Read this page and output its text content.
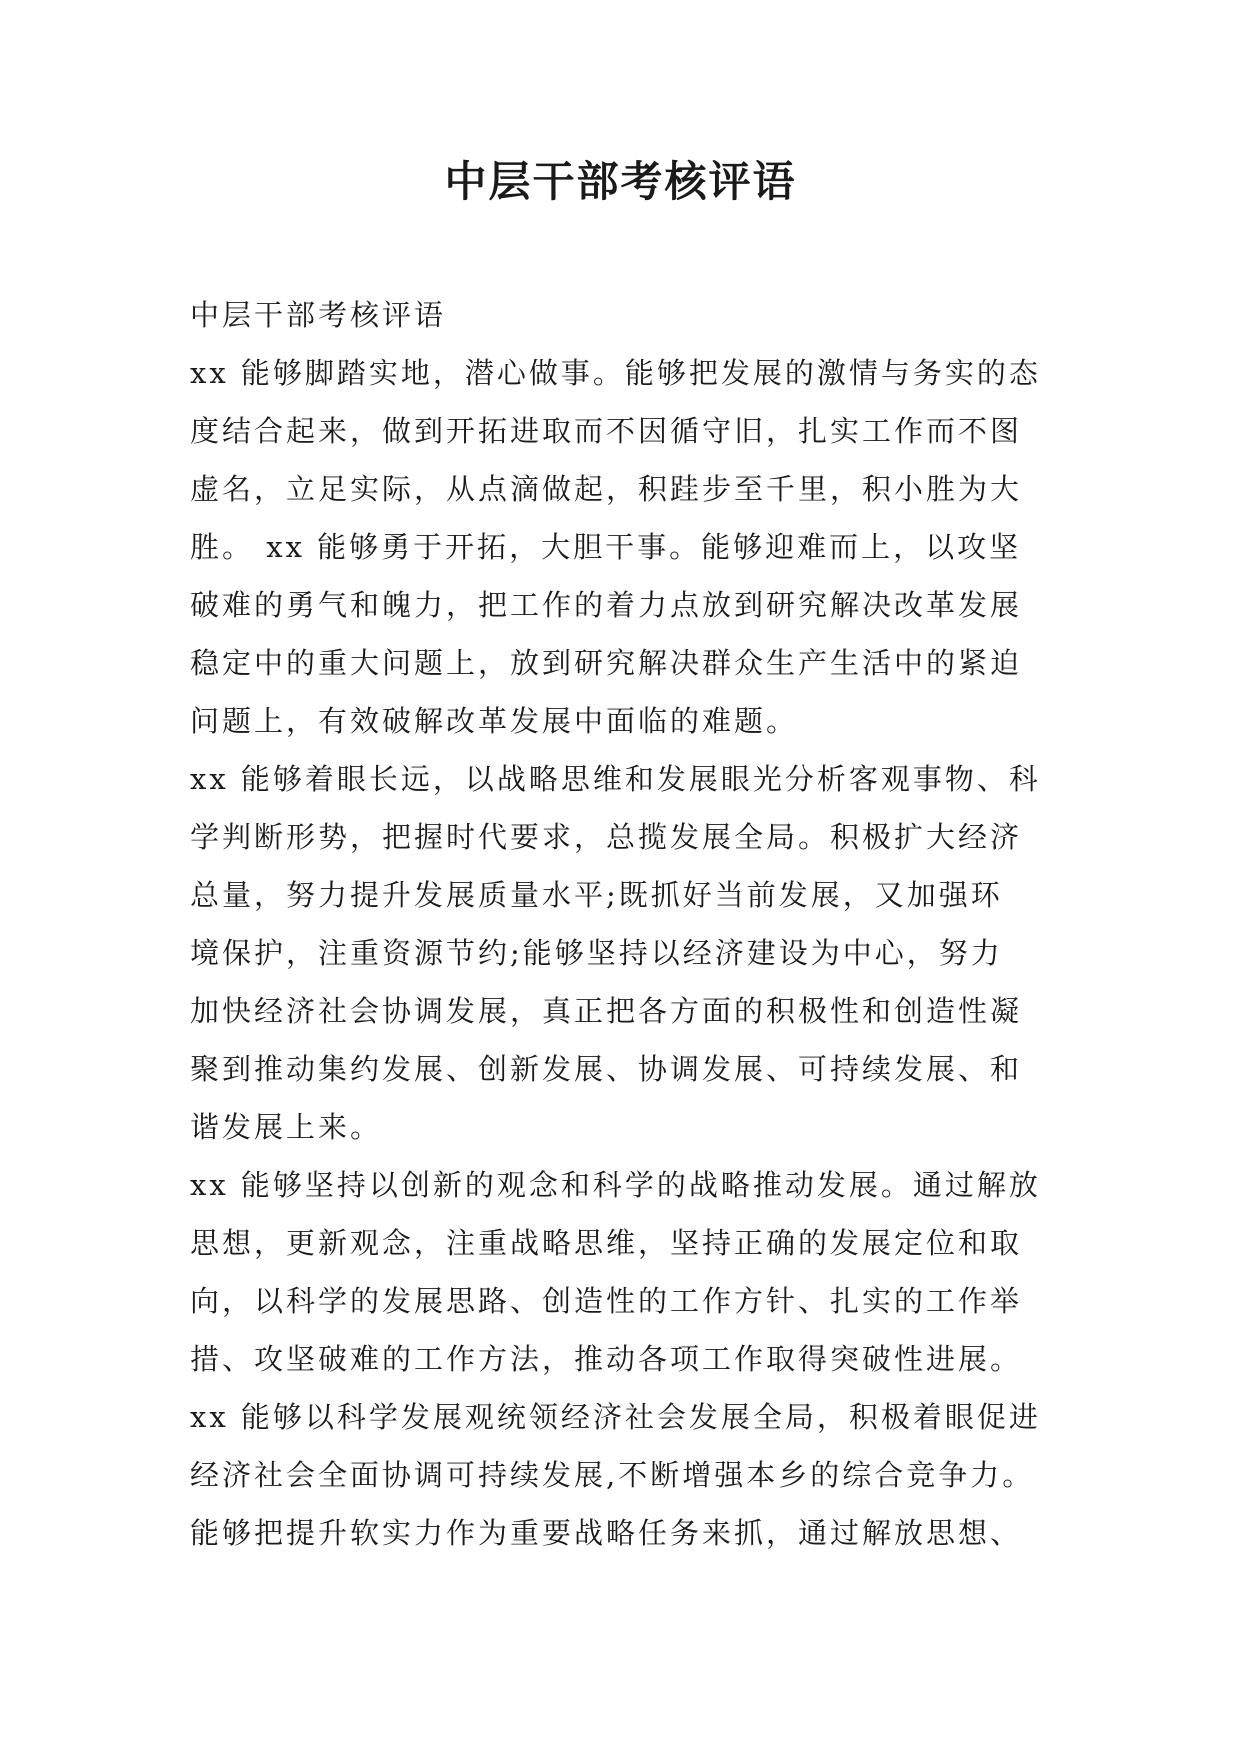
中层干部考核评语
中层干部考核评语
xx 能够脚踏实地，潜心做事。能够把发展的激情与务实的态
度结合起来，做到开拓进取而不因循守旧，扎实工作而不图
虚名，立足实际，从点滴做起，积跬步至千里，积小胜为大
胜。 xx 能够勇于开拓，大胆干事。能够迎难而上，以攻坚
破难的勇气和魄力，把工作的着力点放到研究解决改革发展
稳定中的重大问题上，放到研究解决群众生产生活中的紧迫
问题上，有效破解改革发展中面临的难题。
xx 能够着眼长远，以战略思维和发展眼光分析客观事物、科
学判断形势，把握时代要求，总揽发展全局。积极扩大经济
总量，努力提升发展质量水平;既抓好当前发展，又加强环
境保护，注重资源节约;能够坚持以经济建设为中心，努力
加快经济社会协调发展，真正把各方面的积极性和创造性凝
聚到推动集约发展、创新发展、协调发展、可持续发展、和
谐发展上来。
xx 能够坚持以创新的观念和科学的战略推动发展。通过解放
思想，更新观念，注重战略思维，坚持正确的发展定位和取
向，以科学的发展思路、创造性的工作方针、扎实的工作举
措、攻坚破难的工作方法，推动各项工作取得突破性进展。
xx 能够以科学发展观统领经济社会发展全局，积极着眼促进
经济社会全面协调可持续发展,不断增强本乡的综合竞争力。
能够把提升软实力作为重要战略任务来抓，通过解放思想、
